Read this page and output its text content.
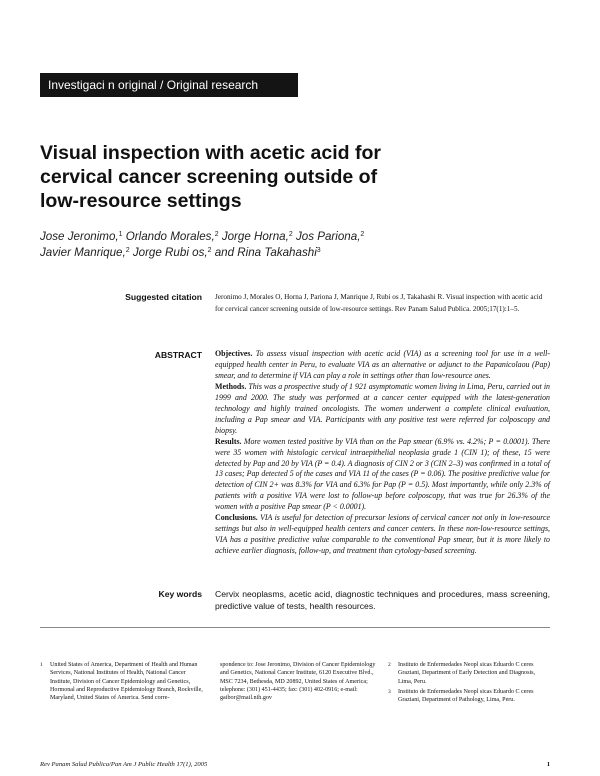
Investigaci n original / Original research
Visual inspection with acetic acid for
cervical cancer screening outside of
low-resource settings
Jose Jeronimo,$^1$ Orlando Morales,$^2$ Jorge Horna,$^2$ Jos Pariona,$^2$
Javier Manrique,$^2$ Jorge Rubi os,$^2$ and Rina Takahashi$^3$
Suggested citation Jeronimo J, Morales O, Horna J, Pariona J, Manrique J, Rubi os J, Takahashi R. Visual inspection with acetic acid for cervical cancer screening outside of low-resource settings. Rev Panam Salud Publica. 2005;17(1):1–5.
ABSTRACT Objectives. To assess visual inspection with acetic acid (VIA) as a screening tool for use in a well-equipped health center in Peru, to evaluate VIA as an alternative or adjunct to the Papanicolaou (Pap) smear, and to determine if VIA can play a role in settings other than low-resource ones.

Methods. This was a prospective study of 1 921 asymptomatic women living in Lima, Peru, carried out in 1999 and 2000. The study was performed at a cancer center equipped with the latest-generation technology and highly trained oncologists. The women underwent a complete clinical evaluation, including a Pap smear and VIA. Participants with any positive test were referred for colposcopy and biopsy.

Results. More women tested positive by VIA than on the Pap smear (6.9% vs. 4.2%; P = 0.0001). There were 35 women with histologic cervical intraepithelial neoplasia grade 1 (CIN 1); of these, 15 were detected by Pap and 20 by VIA (P = 0.4). A diagnosis of CIN 2 or 3 (CIN 2–3) was confirmed in a total of 13 cases; Pap detected 5 of the cases and VIA 11 of the cases (P = 0.06). The positive predictive value for detection of CIN 2+ was 8.3% for VIA and 6.3% for Pap (P = 0.5). Most importantly, while only 2.3% of patients with a positive VIA were lost to follow-up before colposcopy, that was true for 26.3% of the women with a positive Pap smear (P < 0.0001).

Conclusions. VIA is useful for detection of precursor lesions of cervical cancer not only in low-resource settings but also in well-equipped health centers and cancer centers. In these non-low-resource settings, VIA has a positive predictive value comparable to the conventional Pap smear, but it is more likely to achieve earlier diagnosis, follow-up, and treatment than cytology-based screening.

Key words Cervix neoplasms, acetic acid, diagnostic techniques and procedures, mass screening, predictive value of tests, health resources.
1	United States of America, Department of Health and Human Services, National Institutes of Health, National Cancer Institute, Division of Cancer Epidemiology and Genetics, Hormonal and Reproductive Epidemiology Branch, Rockville, Maryland, United States of America. Send corre-
spondence to: Jose Jeronimo, Division of Cancer Epidemiology and Genetics, National Cancer Institute, 6120 Executive Blvd., MSC 7234, Bethesda, MD 20892, United States of America; telephone: (301) 451-4435; fax: (301) 402-0916; e-mail: gaibor@mail.nih.gov
2	Instituto de Enfermedades Neopl sicas Eduardo C ceres Graziani, Department of Early Detection and Diagnosis, Lima, Peru.
3	Instituto de Enfermedades Neopl sicas Eduardo C ceres Graziani, Department of Pathology, Lima, Peru.
Rev Panam Salud Publica/Pan Am J Public Health 17(1), 2005	1
